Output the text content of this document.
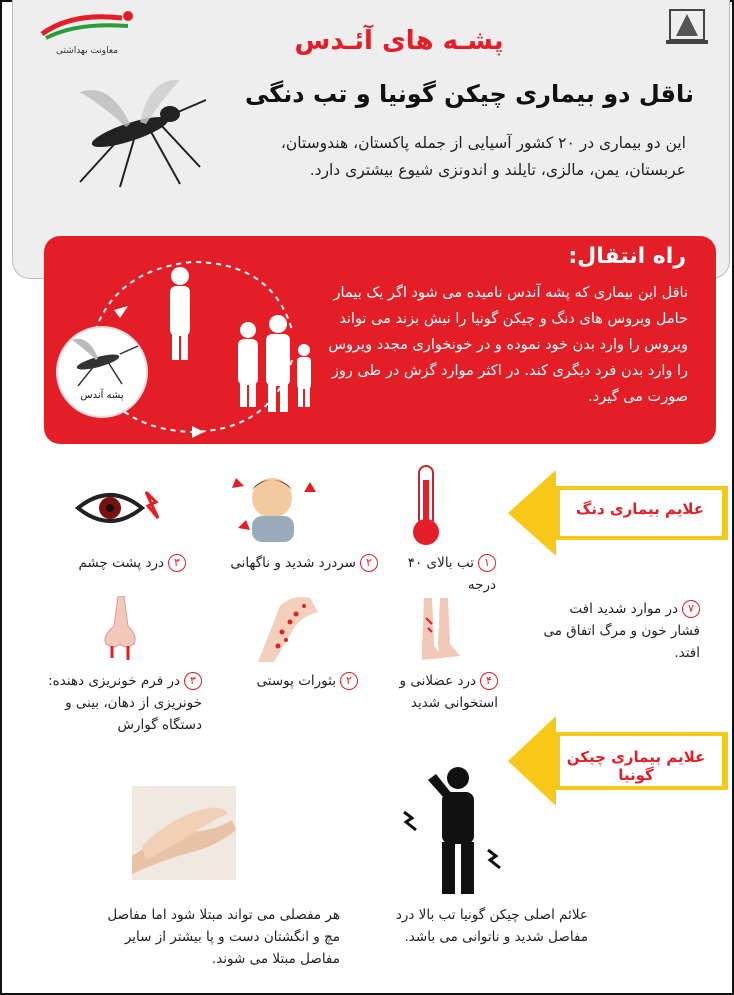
معاونت بهداشتی	پشـه های آئـدس
ناقل دو بیماری چیکن گونیا و تب دنگی
این دو بیماری در ۲۰ کشور آسیایی از جمله پاکستان، هندوستان، عربستان، یمن، مالزی، تایلند و اندونزی شیوع بیشتری دارد.
راه انتقال:
ناقل این بیماری که پشه آندس نامیده می شود اگر یک بیمار حامل ویروس های دنگ و چیکن گونیا را نیش بزند می تواند ویروس را وارد بدن خود نموده و در خونخواری مجدد ویروس را وارد بدن فرد دیگری کند. در اکثر موارد گزش در طی روز صورت می گیرد.
پشه آندس
علایم بیماری دنگ
۱تب بالای ۴۰ درجه
۲سردرد شدید و ناگهانی
۳درد پشت چشم
۴درد عضلانی و استخوانی شدید
۲بثورات پوستی
۳در فرم خونریزی دهنده: خونریزی از دهان، بینی و دستگاه گوارش
۷در موارد شدید افت فشار خون و مرگ اتفاق می افتد.
علایم بیماری چیکن گونیا
علائم اصلی چیکن گونیا تب بالا درد مفاصل شدید و ناتوانی می باشد.
هر مفصلی می تواند مبتلا شود اما مفاصل مچ و انگشتان دست و پا بیشتر از سایر مفاصل مبتلا می شوند.
